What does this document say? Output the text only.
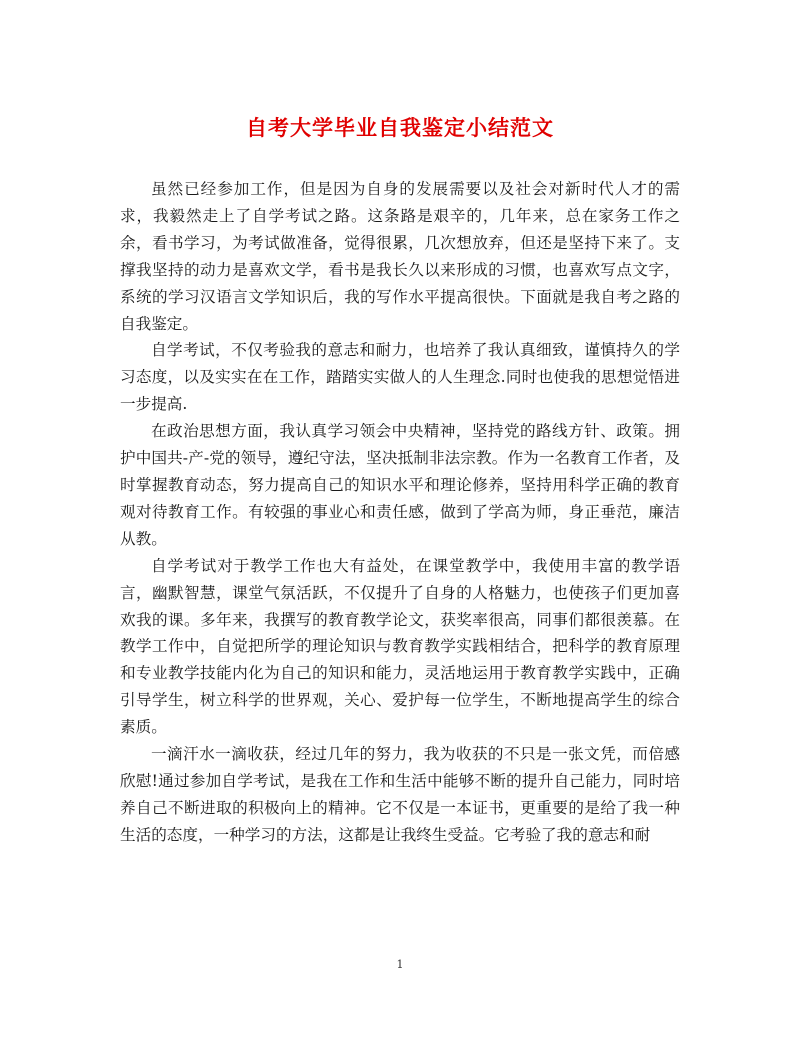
自考大学毕业自我鉴定小结范文

虽然已经参加工作，但是因为自身的发展需要以及社会对新时代人才的需求，我毅然走上了自学考试之路。这条路是艰辛的，几年来，总在家务工作之余，看书学习，为考试做准备，觉得很累，几次想放弃，但还是坚持下来了。支撑我坚持的动力是喜欢文学，看书是我长久以来形成的习惯，也喜欢写点文字，系统的学习汉语言文学知识后，我的写作水平提高很快。下面就是我自考之路的自我鉴定。

自学考试，不仅考验我的意志和耐力，也培养了我认真细致，谨慎持久的学习态度，以及实实在在工作，踏踏实实做人的人生理念.同时也使我的思想觉悟进一步提高.

在政治思想方面，我认真学习领会中央精神，坚持党的路线方针、政策。拥护中国共-产-党的领导，遵纪守法，坚决抵制非法宗教。作为一名教育工作者，及时掌握教育动态，努力提高自己的知识水平和理论修养，坚持用科学正确的教育观对待教育工作。有较强的事业心和责任感，做到了学高为师，身正垂范，廉洁从教。

自学考试对于教学工作也大有益处，在课堂教学中，我使用丰富的教学语言，幽默智慧，课堂气氛活跃，不仅提升了自身的人格魅力，也使孩子们更加喜欢我的课。多年来，我撰写的教育教学论文，获奖率很高，同事们都很羡慕。在教学工作中，自觉把所学的理论知识与教育教学实践相结合，把科学的教育原理和专业教学技能内化为自己的知识和能力，灵活地运用于教育教学实践中，正确引导学生，树立科学的世界观，关心、爱护每一位学生，不断地提高学生的综合素质。

一滴汗水一滴收获，经过几年的努力，我为收获的不只是一张文凭，而倍感欣慰!通过参加自学考试，是我在工作和生活中能够不断的提升自己能力，同时培养自己不断进取的积极向上的精神。它不仅是一本证书，更重要的是给了我一种生活的态度，一种学习的方法，这都是让我终生受益。它考验了我的意志和耐

1
